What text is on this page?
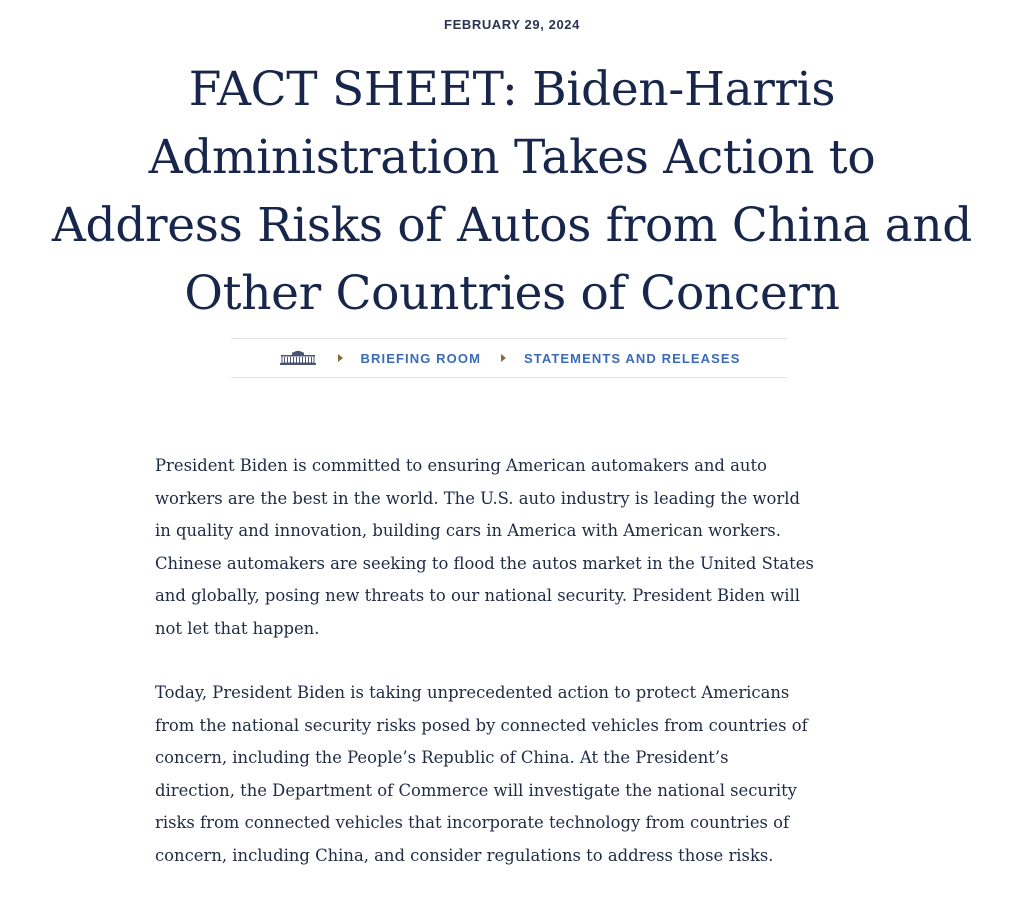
FEBRUARY 29, 2024
FACT SHEET: Biden-Harris
Administration Takes Action to
Address Risks of Autos from China and
Other Countries of Concern
BRIEFING ROOM	STATEMENTS AND RELEASES

President Biden is committed to ensuring American automakers and auto
workers are the best in the world. The U.S. auto industry is leading the world
in quality and innovation, building cars in America with American workers.
Chinese automakers are seeking to flood the autos market in the United States
and globally, posing new threats to our national security. President Biden will
not let that happen.

Today, President Biden is taking unprecedented action to protect Americans
from the national security risks posed by connected vehicles from countries of
concern, including the People’s Republic of China. At the President’s
direction, the Department of Commerce will investigate the national security
risks from connected vehicles that incorporate technology from countries of
concern, including China, and consider regulations to address those risks.
